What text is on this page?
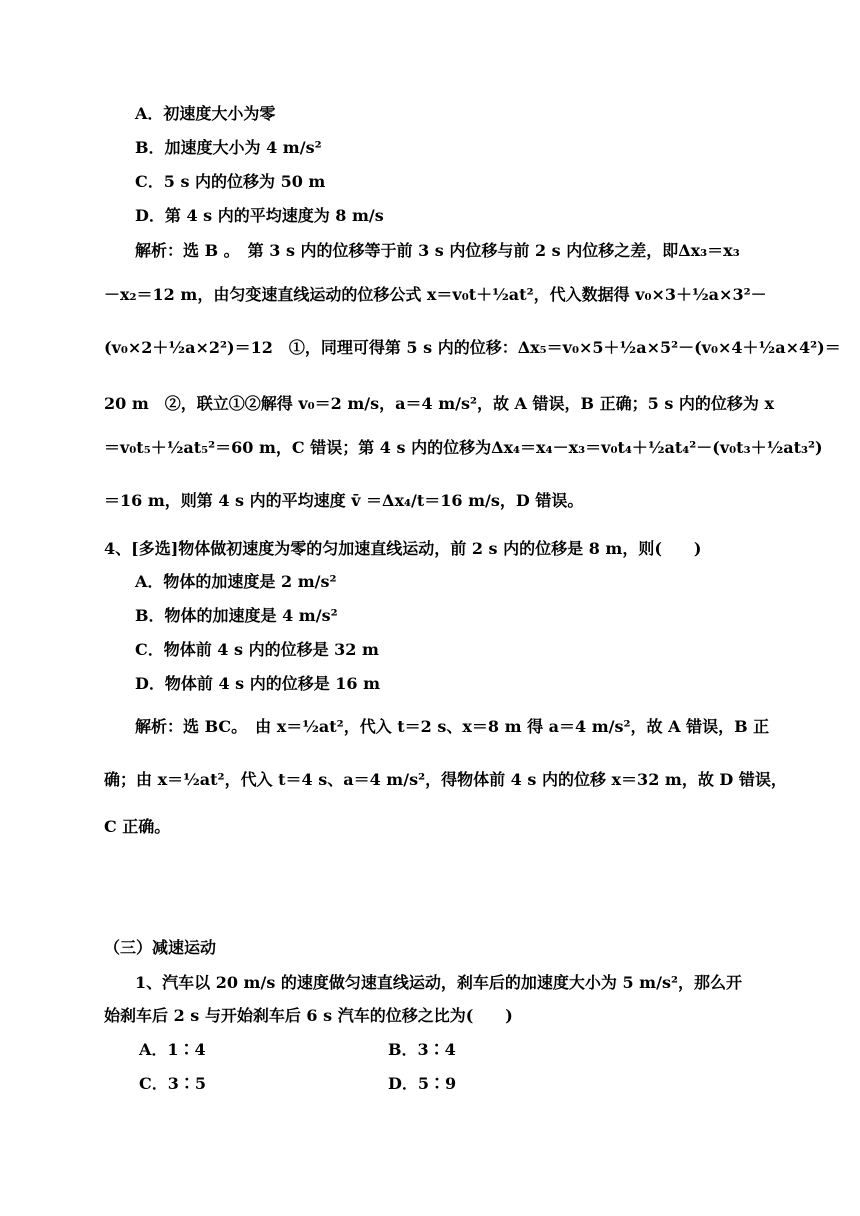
A．初速度大小为零
B．加速度大小为 4 m/s²
C．5 s 内的位移为 50 m
D．第 4 s 内的平均速度为 8 m/s
解析：选 B 。　第 3 s 内的位移等于前 3 s 内位移与前 2 s 内位移之差，即Δx₃＝x₃
－x₂＝12 m，由匀变速直线运动的位移公式 x＝v₀t＋½at²，代入数据得 v₀×3＋½a×3²－
(v₀×2＋½a×2²)＝12　①，同理可得第 5 s 内的位移：Δx₅＝v₀×5＋½a×5²－(v₀×4＋½a×4²)＝
20 m　②，联立①②解得 v₀＝2 m/s，a＝4 m/s²，故 A 错误，B 正确；5 s 内的位移为 x
＝v₀t₅＋½at₅²＝60 m，C 错误；第 4 s 内的位移为Δx₄＝x₄－x₃＝v₀t₄＋½at₄²－(v₀t₃＋½at₃²)
＝16 m，则第 4 s 内的平均速度 v̄ ＝Δx₄/t＝16 m/s，D 错误。
4、[多选]物体做初速度为零的匀加速直线运动，前 2 s 内的位移是 8 m，则(　　)
A．物体的加速度是 2 m/s²
B．物体的加速度是 4 m/s²
C．物体前 4 s 内的位移是 32 m
D．物体前 4 s 内的位移是 16 m
解析：选 BC。　由 x＝½at²，代入 t＝2 s、x＝8 m 得 a＝4 m/s²，故 A 错误，B 正
确；由 x＝½at²，代入 t＝4 s、a＝4 m/s²，得物体前 4 s 内的位移 x＝32 m，故 D 错误，
C 正确。
（三）减速运动
1、汽车以 20 m/s 的速度做匀速直线运动，刹车后的加速度大小为 5 m/s²，那么开
始刹车后 2 s 与开始刹车后 6 s 汽车的位移之比为(　　)
A．1∶4	B．3∶4
C．3∶5	D．5∶9
